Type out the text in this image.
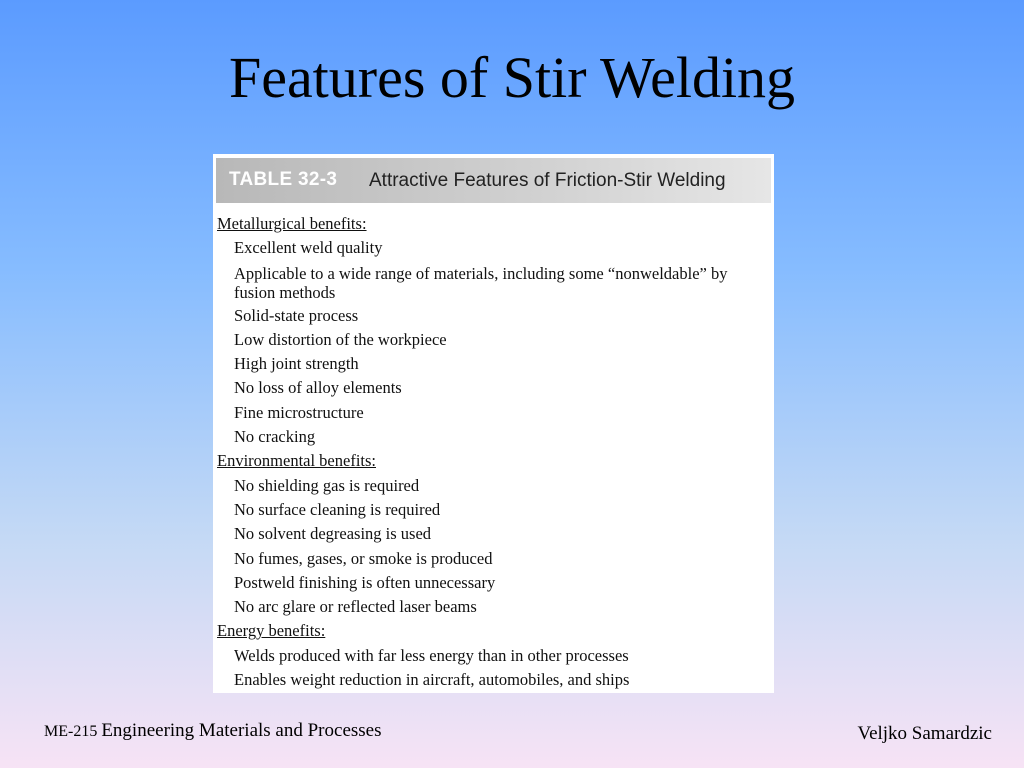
Features of Stir Welding
TABLE 32-3 Attractive Features of Friction-Stir Welding
Metallurgical benefits:
Excellent weld quality
Applicable to a wide range of materials, including some “nonweldable” by fusion methods
Solid-state process
Low distortion of the workpiece
High joint strength
No loss of alloy elements
Fine microstructure
No cracking
Environmental benefits:
No shielding gas is required
No surface cleaning is required
No solvent degreasing is used
No fumes, gases, or smoke is produced
Postweld finishing is often unnecessary
No arc glare or reflected laser beams
Energy benefits:
Welds produced with far less energy than in other processes
Enables weight reduction in aircraft, automobiles, and ships
ME-215 Engineering Materials and Processes	Veljko Samardzic
